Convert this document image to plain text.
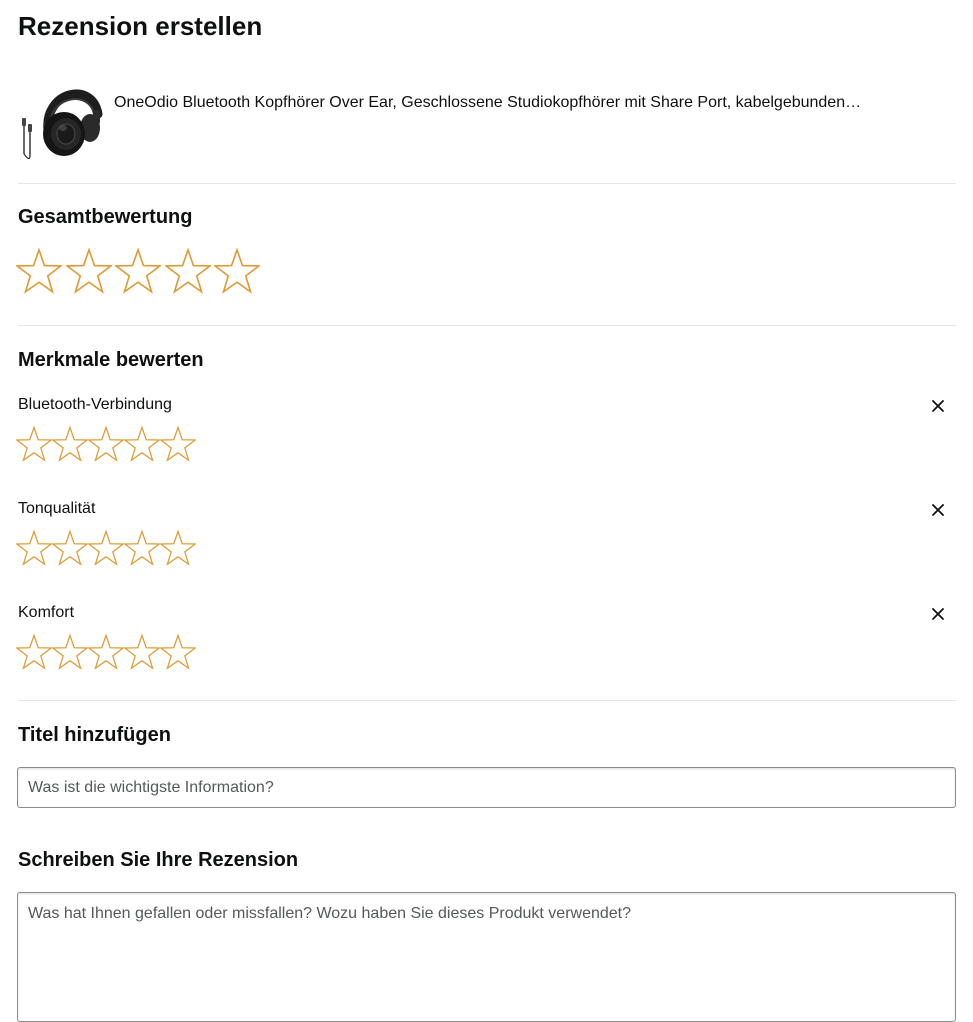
Rezension erstellen
OneOdio Bluetooth Kopfhörer Over Ear, Geschlossene Studiokopfhörer mit Share Port, kabelgebunden…
Gesamtbewertung
Merkmale bewerten
Bluetooth-Verbindung
Tonqualität
Komfort
Titel hinzufügen
Was ist die wichtigste Information?
Schreiben Sie Ihre Rezension
Was hat Ihnen gefallen oder missfallen? Wozu haben Sie dieses Produkt verwendet?
